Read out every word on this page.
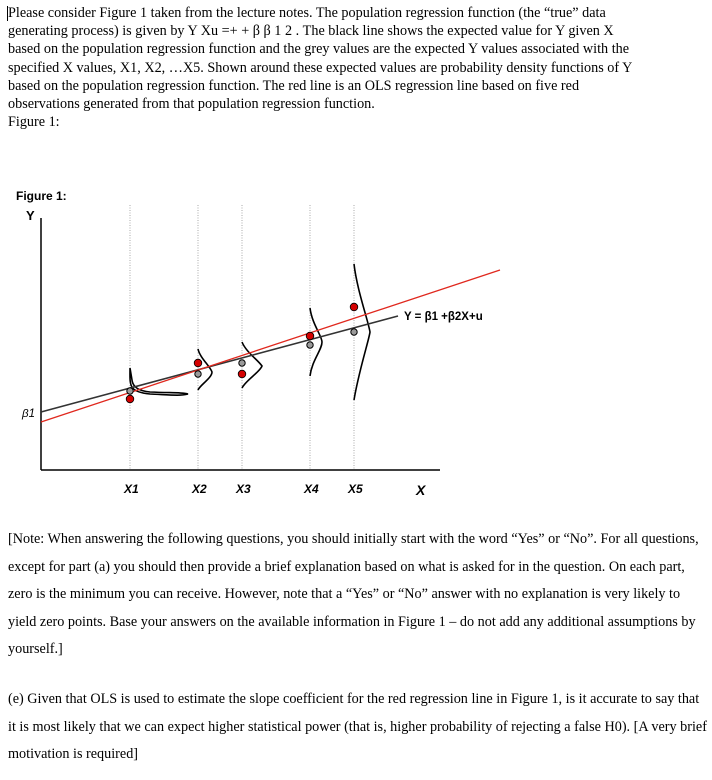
Please consider Figure 1 taken from the lecture notes. The population regression function (the “true” data generating process) is given by Y Xu =+ + β β 1 2 . The black line shows the expected value for Y given X based on the population regression function and the grey values are the expected Y values associated with the specified X values, X1, X2, …X5. Shown around these expected values are probability density functions of Y based on the population regression function. The red line is an OLS regression line based on five red observations generated from that population regression function.

Figure 1:

Figure 1:
Y
X
Y = β1 +β2X+u
β1
X1	X2 X3	X4 X5

[Note: When answering the following questions, you should initially start with the word “Yes” or “No”. For all questions, except for part (a) you should then provide a brief explanation based on what is asked for in the question. On each part, zero is the minimum you can receive. However, note that a “Yes” or “No” answer with no explanation is very likely to yield zero points. Base your answers on the available information in Figure 1 – do not add any additional assumptions by yourself.]

(e) Given that OLS is used to estimate the slope coefficient for the red regression line in Figure 1, is it accurate to say that it is most likely that we can expect higher statistical power (that is, higher probability of rejecting a false H0). [A very brief motivation is required]
